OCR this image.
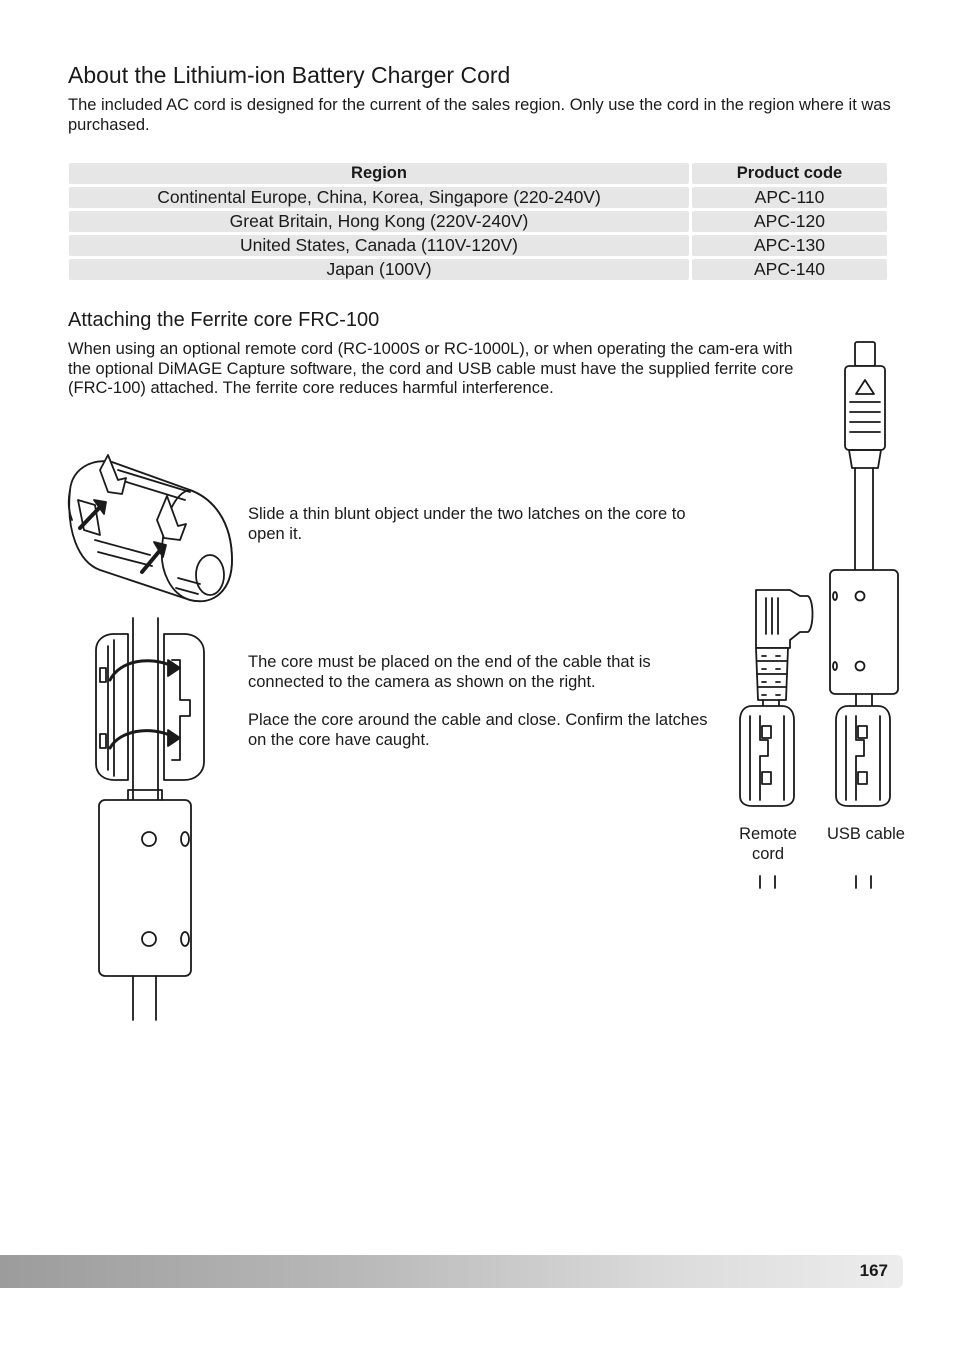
About the Lithium-ion Battery Charger Cord
The included AC cord is designed for the current of the sales region. Only use the cord in the region where it was purchased.
Region	Product code
Continental Europe, China, Korea, Singapore (220-240V)	APC-110
Great Britain, Hong Kong (220V-240V)	APC-120
United States, Canada (110V-120V)	APC-130
Japan (100V)	APC-140
Attaching the Ferrite core FRC-100
When using an optional remote cord (RC-1000S or RC-1000L), or when operating the cam-era with the optional DiMAGE Capture software, the cord and USB cable must have the supplied ferrite core (FRC-100) attached. The ferrite core reduces harmful interference.
Slide a thin blunt object under the two latches on the core to open it.
The core must be placed on the end of the cable that is connected to the camera as shown on the right.
Place the core around the cable and close. Confirm the latches on the core have caught.
Remote cord
USB cable
167
